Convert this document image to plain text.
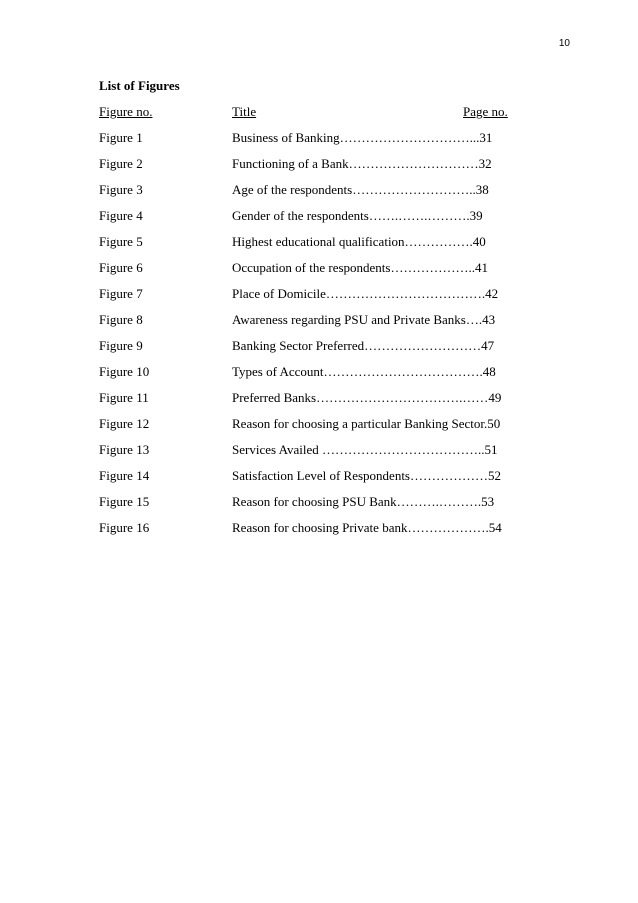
10
List of Figures
Figure no.	Title	Page no.
Figure 1	Business of Banking…………………………...31
Figure 2	Functioning of a Bank…………………………32
Figure 3	Age of the respondents………………………..38
Figure 4	Gender of the respondents…….…….……….39
Figure 5	Highest educational qualification…………….40
Figure 6	Occupation of the respondents………………..41
Figure 7	Place of Domicile……………………………….42
Figure 8	Awareness regarding PSU and Private Banks….43
Figure 9	Banking Sector Preferred………………………47
Figure 10	Types of Account……………………………….48
Figure 11	Preferred Banks…………………………….……49
Figure 12	Reason for choosing a particular Banking Sector.50
Figure 13	Services Availed ………………………………..51
Figure 14	Satisfaction Level of Respondents………………52
Figure 15	Reason for choosing PSU Bank……….……….53
Figure 16	Reason for choosing Private bank……………….54
